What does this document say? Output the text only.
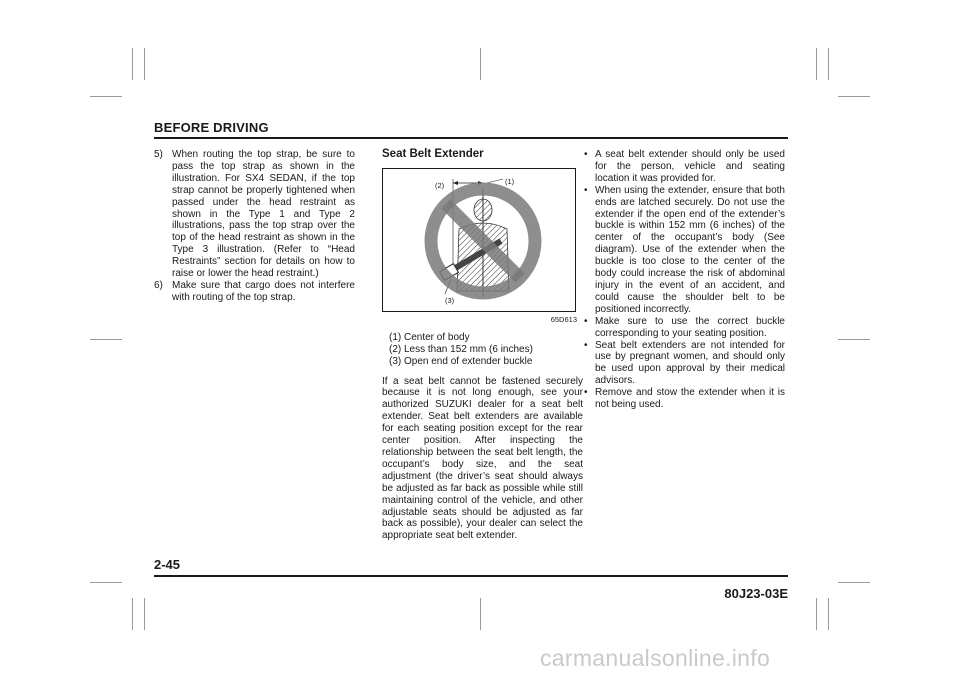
BEFORE DRIVING
5) When routing the top strap, be sure to pass the top strap as shown in the illustration. For SX4 SEDAN, if the top strap cannot be properly tightened when passed under the head restraint as shown in the Type 1 and Type 2 illustrations, pass the top strap over the top of the head restraint as shown in the Type 3 illustration. (Refer to “Head Restraints” section for details on how to raise or lower the head restraint.)
6) Make sure that cargo does not interfere with routing of the top strap.
Seat Belt Extender
(2)	(1)
(3)
65D613
(1) Center of body
(2) Less than 152 mm (6 inches)
(3) Open end of extender buckle
If a seat belt cannot be fastened securely because it is not long enough, see your authorized SUZUKI dealer for a seat belt extender. Seat belt extenders are available for each seating position except for the rear center position. After inspecting the relationship between the seat belt length, the occupant’s body size, and the seat adjustment (the driver’s seat should always be adjusted as far back as possible while still maintaining control of the vehicle, and other adjustable seats should be adjusted as far back as possible), your dealer can select the appropriate seat belt extender.
• A seat belt extender should only be used for the person, vehicle and seating location it was provided for.
• When using the extender, ensure that both ends are latched securely. Do not use the extender if the open end of the extender’s buckle is within 152 mm (6 inches) of the center of the occupant’s body (See diagram). Use of the extender when the buckle is too close to the center of the body could increase the risk of abdominal injury in the event of an accident, and could cause the shoulder belt to be positioned incorrectly.
• Make sure to use the correct buckle corresponding to your seating position.
• Seat belt extenders are not intended for use by pregnant women, and should only be used upon approval by their medical advisors.
• Remove and stow the extender when it is not being used.
2-45
80J23-03E
carmanualsonline.info
